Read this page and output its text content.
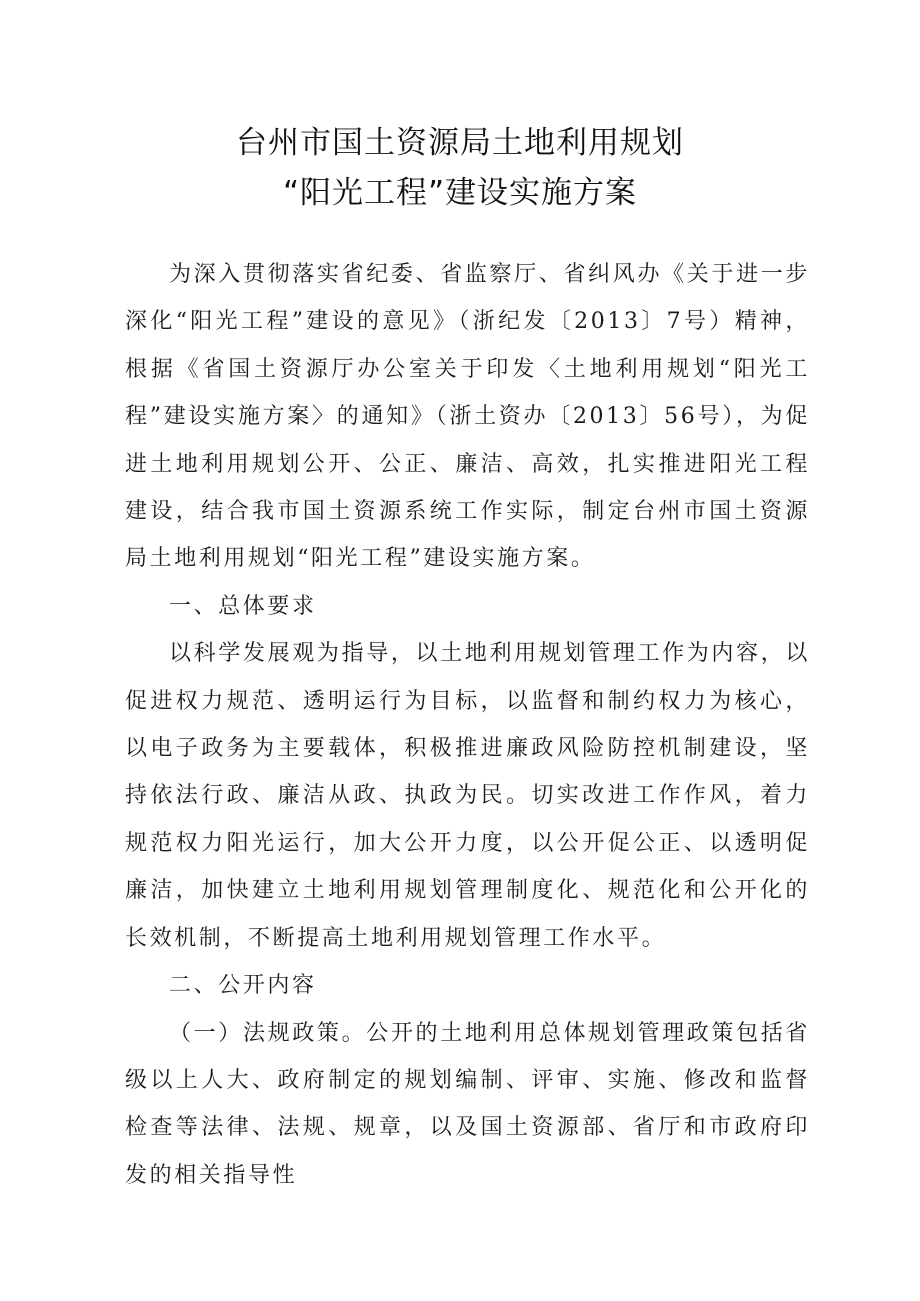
台州市国土资源局土地利用规划
“阳光工程”建设实施方案

为深入贯彻落实省纪委、省监察厅、省纠风办《关于进一步深化“阳光工程”建设的意见》（浙纪发〔2013〕7号）精神，根据《省国土资源厅办公室关于印发〈土地利用规划“阳光工程”建设实施方案〉的通知》（浙土资办〔2013〕56号），为促进土地利用规划公开、公正、廉洁、高效，扎实推进阳光工程建设，结合我市国土资源系统工作实际，制定台州市国土资源局土地利用规划“阳光工程”建设实施方案。

一、总体要求

以科学发展观为指导，以土地利用规划管理工作为内容，以促进权力规范、透明运行为目标，以监督和制约权力为核心，以电子政务为主要载体，积极推进廉政风险防控机制建设，坚持依法行政、廉洁从政、执政为民。切实改进工作作风，着力规范权力阳光运行，加大公开力度，以公开促公正、以透明促廉洁，加快建立土地利用规划管理制度化、规范化和公开化的长效机制，不断提高土地利用规划管理工作水平。

二、公开内容

（一）法规政策。公开的土地利用总体规划管理政策包括省级以上人大、政府制定的规划编制、评审、实施、修改和监督检查等法律、法规、规章，以及国土资源部、省厅和市政府印发的相关指导性
